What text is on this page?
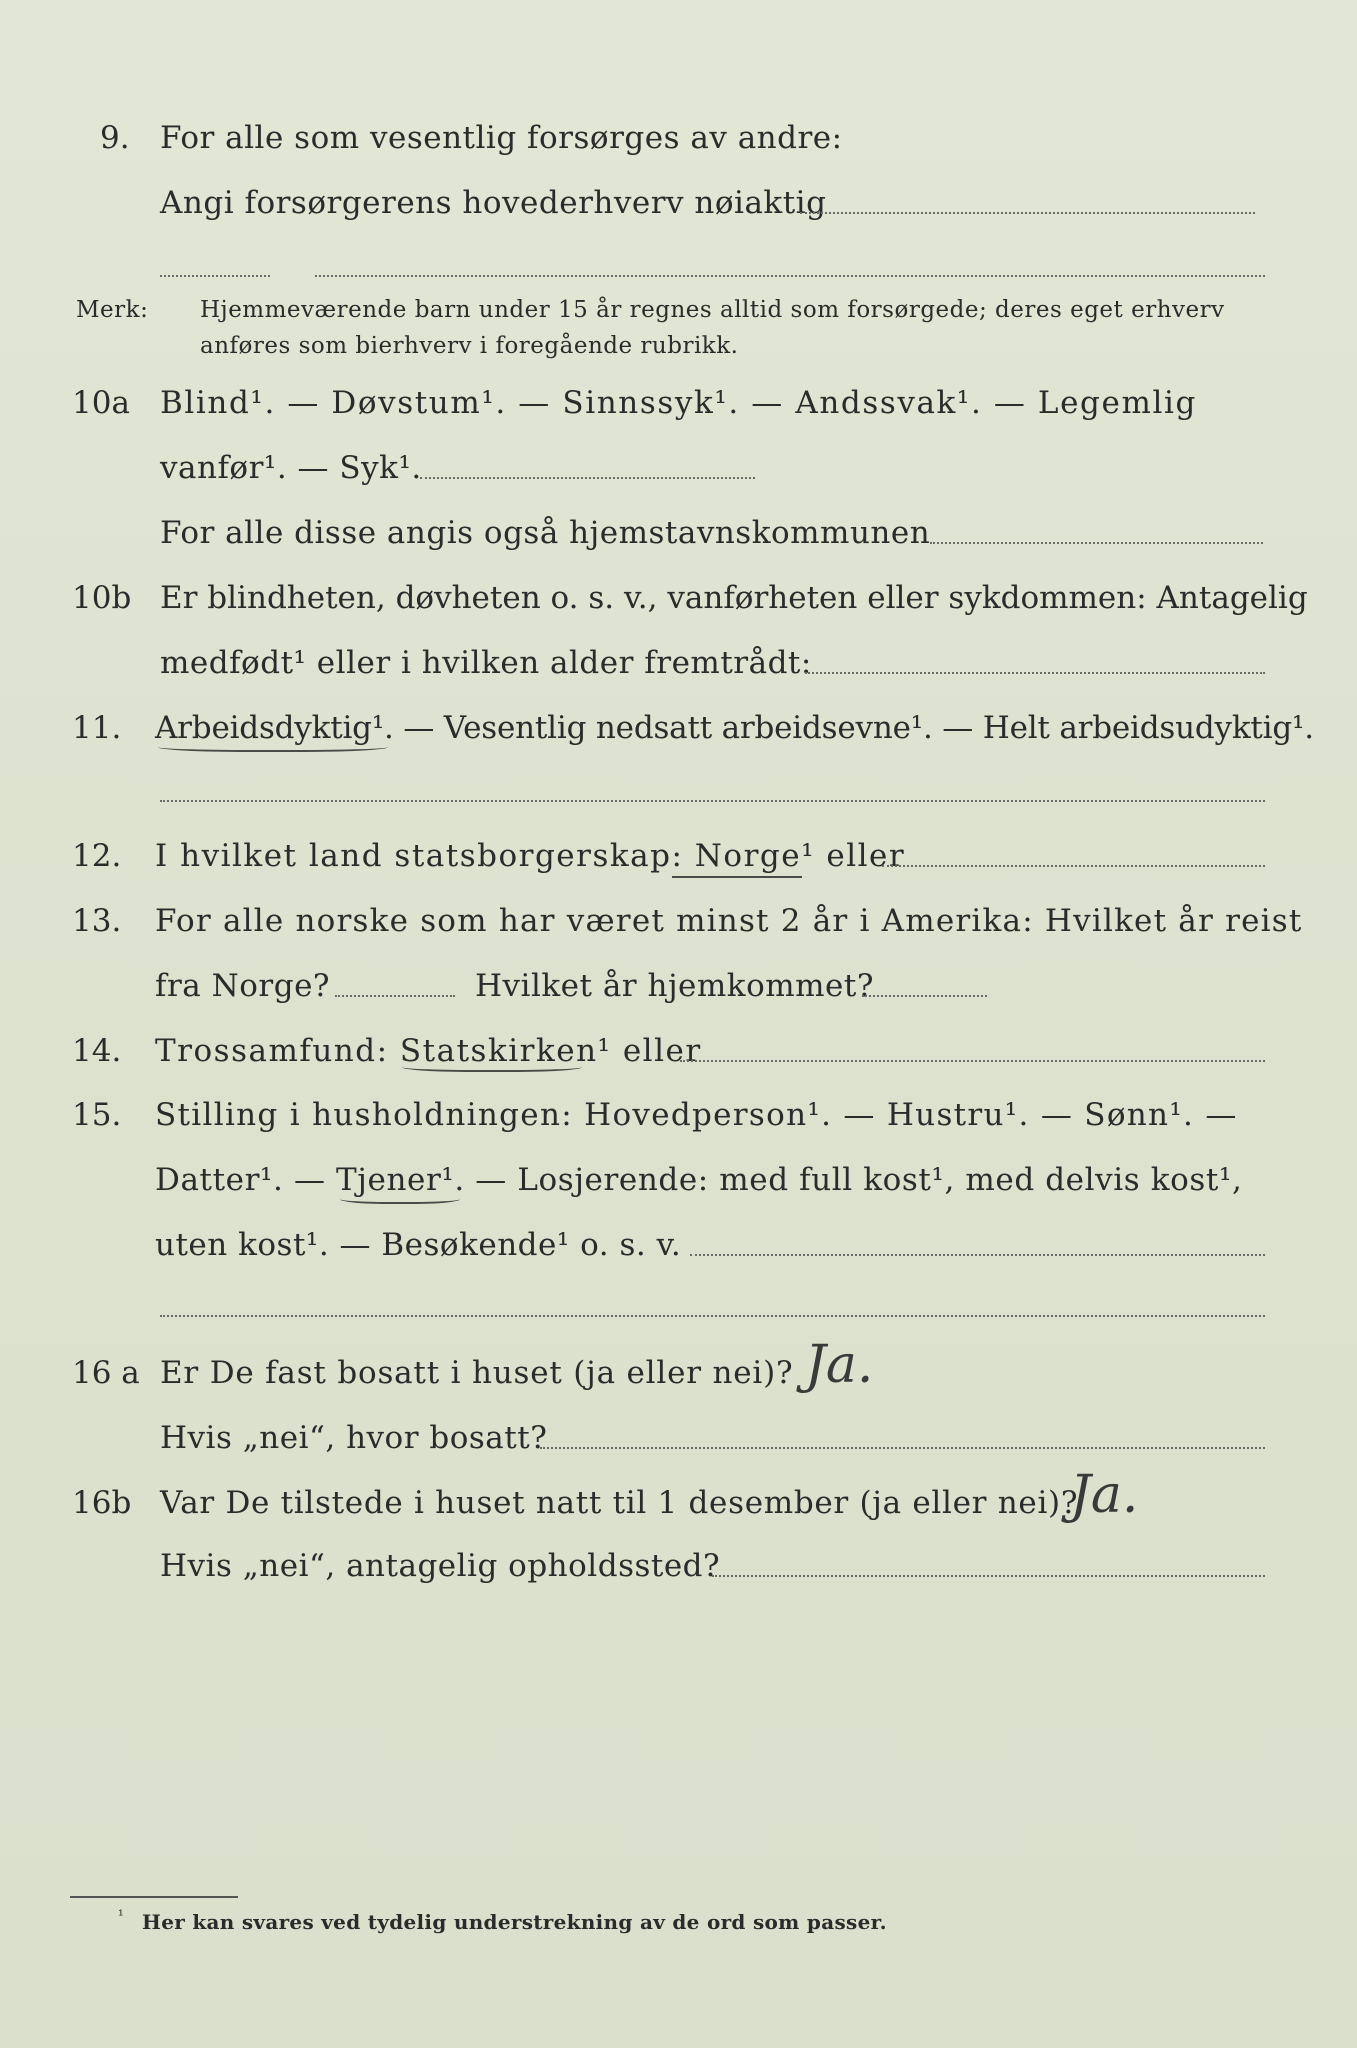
9. For alle som vesentlig forsørges av andre:
Angi forsørgerens hovederhverv nøiaktig
Merk: Hjemmeværende barn under 15 år regnes alltid som forsørgede; deres eget erhverv
anføres som bierhverv i foregående rubrikk.
10a Blind¹. — Døvstum¹. — Sinnssyk¹. — Andssvak¹. — Legemlig
vanfør¹. — Syk¹.
For alle disse angis også hjemstavnskommunen
10b Er blindheten, døvheten o. s. v., vanførheten eller sykdommen: Antagelig
medfødt¹ eller i hvilken alder fremtrådt:
11. Arbeidsdyktig¹. — Vesentlig nedsatt arbeidsevne¹. — Helt arbeidsudyktig¹.
12. I hvilket land statsborgerskap: Norge¹ eller
13. For alle norske som har været minst 2 år i Amerika: Hvilket år reist
fra Norge?	Hvilket år hjemkommet?
14. Trossamfund: Statskirken¹ eller
15. Stilling i husholdningen: Hovedperson¹. — Hustru¹. — Sønn¹. —
Datter¹. — Tjener¹. — Losjerende: med full kost¹, med delvis kost¹,
uten kost¹. — Besøkende¹ o. s. v.
16 a Er De fast bosatt i huset (ja eller nei)? Ja.
Hvis „nei“, hvor bosatt?
16b Var De tilstede i huset natt til 1 desember (ja eller nei)?
Ja.
Hvis „nei“, antagelig opholdssted?
¹ Her kan svares ved tydelig understrekning av de ord som passer.
